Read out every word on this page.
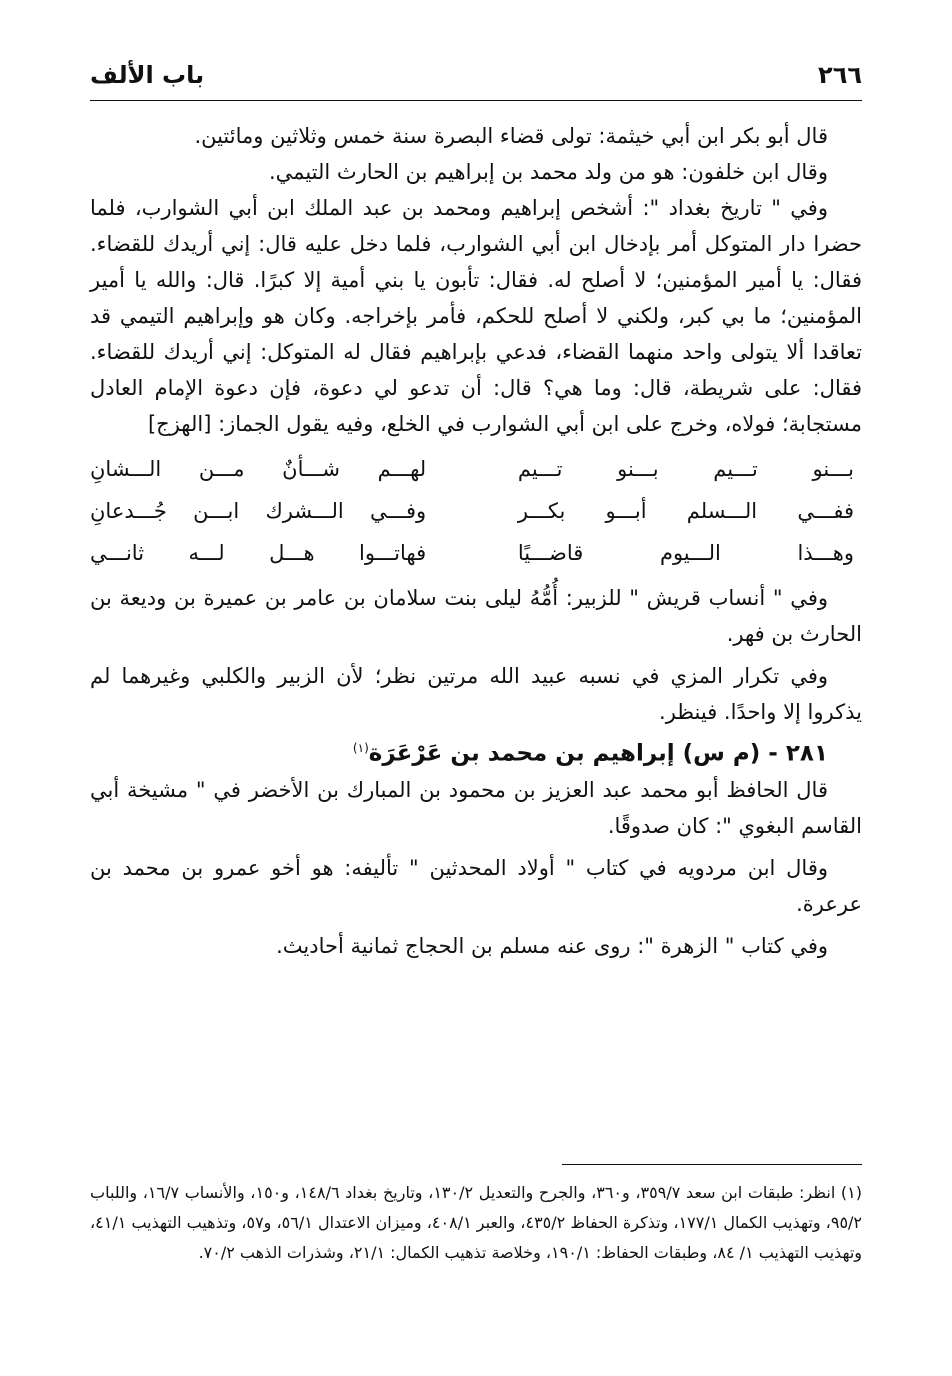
٢٦٦
باب الألف

قال أبو بكر ابن أبي خيثمة: تولى قضاء البصرة سنة خمس وثلاثين ومائتين.

وقال ابن خلفون: هو من ولد محمد بن إبراهيم بن الحارث التيمي.

وفي " تاريخ بغداد ": أشخص إبراهيم ومحمد بن عبد الملك ابن أبي الشوارب، فلما حضرا دار المتوكل أمر بإدخال ابن أبي الشوارب، فلما دخل عليه قال: إني أريدك للقضاء. فقال: يا أمير المؤمنين؛ لا أصلح له. فقال: تأبون يا بني أمية إلا كبرًا. قال: والله يا أمير المؤمنين؛ ما بي كبر، ولكني لا أصلح للحكم، فأمر بإخراجه. وكان هو وإبراهيم التيمي قد تعاقدا ألا يتولى واحد منهما القضاء، فدعي بإبراهيم فقال له المتوكل: إني أريدك للقضاء. فقال: على شريطة، قال: وما هي؟ قال: أن تدعو لي دعوة، فإن دعوة الإمام العادل مستجابة؛ فولاه، وخرج على ابن أبي الشوارب في الخلع، وفيه يقول الجماز: [الهزج]

بـــنو تـــيم بـــنو تـــيم
لهـــم شـــأنٌ مـــن الـــشانِ
ففـــي الـــسلم أبـــو بكـــر
وفـــي الـــشرك ابـــن جُـــدعانِ
وهـــذا الـــيوم قاضـــيًا
فهاتـــوا هـــل لـــه ثانـــي

وفي " أنساب قريش " للزبير: أُمُّهُ ليلى بنت سلامان بن عامر بن عميرة بن وديعة بن الحارث بن فهر.

وفي تكرار المزي في نسبه عبيد الله مرتين نظر؛ لأن الزبير والكلبي وغيرهما لم يذكروا إلا واحدًا. فينظر.

٢٨١ - (م س) إبراهيم بن محمد بن عَرْعَرَة$^{(١)}$

قال الحافظ أبو محمد عبد العزيز بن محمود بن المبارك بن الأخضر في " مشيخة أبي القاسم البغوي ": كان صدوقًا.

وقال ابن مردويه في كتاب " أولاد المحدثين " تأليفه: هو أخو عمرو بن محمد بن عرعرة.

وفي كتاب " الزهرة ": روى عنه مسلم بن الحجاج ثمانية أحاديث.

(١) انظر: طبقات ابن سعد ٣٥٩/٧، و٣٦٠، والجرح والتعديل ١٣٠/٢، وتاريخ بغداد ١٤٨/٦، و١٥٠، والأنساب ١٦/٧، واللباب ٩٥/٢، وتهذيب الكمال ١٧٧/١، وتذكرة الحفاظ ٤٣٥/٢، والعبر ٤٠٨/١، وميزان الاعتدال ٥٦/١، و٥٧، وتذهيب التهذيب ٤١/١، وتهذيب التهذيب ١/ ٨٤، وطبقات الحفاظ: ١٩٠/١، وخلاصة تذهيب الكمال: ٢١/١، وشذرات الذهب ٧٠/٢.
